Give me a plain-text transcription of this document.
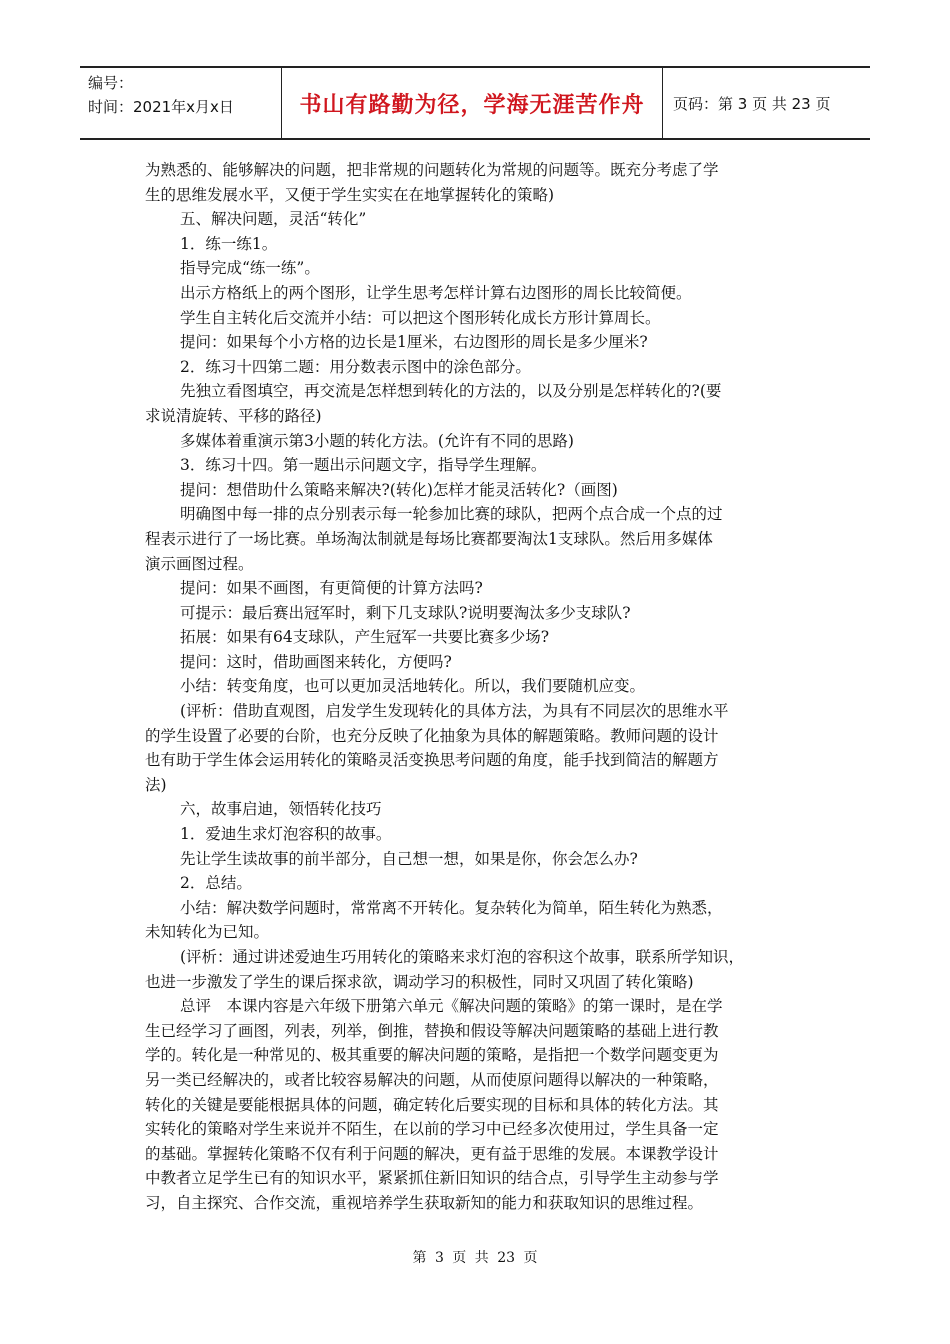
编号：
时间：2021年x月x日	书山有路勤为径，学海无涯苦作舟	页码：第 3 页 共 23 页

为熟悉的、能够解决的问题，把非常规的问题转化为常规的问题等。既充分考虑了学

生的思维发展水平，又便于学生实实在在地掌握转化的策略)

五、解决问题，灵活“转化”

1．练一练1。

指导完成“练一练”。

出示方格纸上的两个图形，让学生思考怎样计算右边图形的周长比较简便。

学生自主转化后交流并小结：可以把这个图形转化成长方形计算周长。

提问：如果每个小方格的边长是1厘米，右边图形的周长是多少厘米?

2．练习十四第二题：用分数表示图中的涂色部分。

先独立看图填空，再交流是怎样想到转化的方法的，以及分别是怎样转化的?(要

求说清旋转、平移的路径)

多媒体着重演示第3小题的转化方法。(允许有不同的思路)

3．练习十四。第一题出示问题文字，指导学生理解。

提问：想借助什么策略来解决?(转化)怎样才能灵活转化?（画图)

明确图中每一排的点分别表示每一轮参加比赛的球队，把两个点合成一个点的过

程表示进行了一场比赛。单场淘汰制就是每场比赛都要淘汰1支球队。然后用多媒体

演示画图过程。

提问：如果不画图，有更简便的计算方法吗?

可提示：最后赛出冠军时，剩下几支球队?说明要淘汰多少支球队?

拓展：如果有64支球队，产生冠军一共要比赛多少场?

提问：这时，借助画图来转化，方便吗?

小结：转变角度，也可以更加灵活地转化。所以，我们要随机应变。

(评析：借助直观图，启发学生发现转化的具体方法，为具有不同层次的思维水平

的学生设置了必要的台阶，也充分反映了化抽象为具体的解题策略。教师问题的设计

也有助于学生体会运用转化的策略灵活变换思考问题的角度，能手找到简洁的解题方

法)

六，故事启迪，领悟转化技巧

1．爱迪生求灯泡容积的故事。

先让学生读故事的前半部分，自己想一想，如果是你，你会怎么办?

2．总结。

小结：解决数学问题时，常常离不开转化。复杂转化为简单，陌生转化为熟悉，

未知转化为已知。

(评析：通过讲述爱迪生巧用转化的策略来求灯泡的容积这个故事，联系所学知识，

也进一步激发了学生的课后探求欲，调动学习的积极性，同时又巩固了转化策略)

总评　本课内容是六年级下册第六单元《解决问题的策略》的第一课时，是在学

生已经学习了画图，列表，列举，倒推，替换和假设等解决问题策略的基础上进行教

学的。转化是一种常见的、极其重要的解决问题的策略，是指把一个数学问题变更为

另一类已经解决的，或者比较容易解决的问题，从而使原问题得以解决的一种策略，

转化的关键是要能根据具体的问题，确定转化后要实现的目标和具体的转化方法。其

实转化的策略对学生来说并不陌生，在以前的学习中已经多次使用过，学生具备一定

的基础。掌握转化策略不仅有利于问题的解决，更有益于思维的发展。本课教学设计

中教者立足学生已有的知识水平，紧紧抓住新旧知识的结合点，引导学生主动参与学

习，自主探究、合作交流，重视培养学生获取新知的能力和获取知识的思维过程。

第 3 页 共 23 页
